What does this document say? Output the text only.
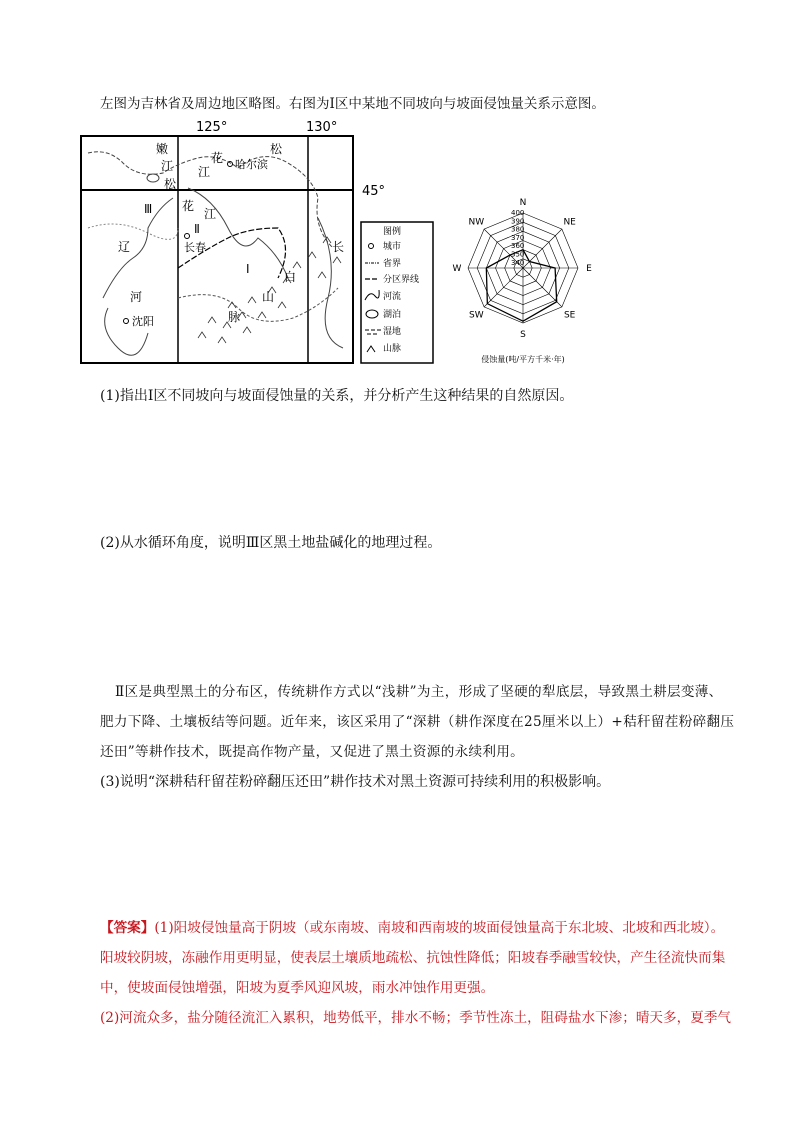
左图为吉林省及周边地区略图。右图为Ⅰ区中某地不同坡向与坡面侵蚀量关系示意图。
125°	130°
45°
嫩
江
松
花
江
哈尔滨
松
花
Ⅲ	江
Ⅱ
长春
辽
河
沈阳
Ⅰ
白
山
脉
长
图例
城市
省界
分区界线
河流
湖泊
湿地
山脉
N
NE
E
SE
S
SW
W
NW
400
390
380
370
360
350
340
侵蚀量(吨/平方千米·年)
(1)指出Ⅰ区不同坡向与坡面侵蚀量的关系，并分析产生这种结果的自然原因。
(2)从水循环角度，说明Ⅲ区黑土地盐碱化的地理过程。
Ⅱ区是典型黑土的分布区，传统耕作方式以“浅耕”为主，形成了坚硬的犁底层，导致黑土耕层变薄、
肥力下降、土壤板结等问题。近年来，该区采用了“深耕（耕作深度在25厘米以上）+秸秆留茬粉碎翻压
还田”等耕作技术，既提高作物产量，又促进了黑土资源的永续利用。
(3)说明“深耕秸秆留茬粉碎翻压还田”耕作技术对黑土资源可持续利用的积极影响。
【答案】(1)阳坡侵蚀量高于阴坡（或东南坡、南坡和西南坡的坡面侵蚀量高于东北坡、北坡和西北坡）。
阳坡较阴坡，冻融作用更明显，使表层土壤质地疏松、抗蚀性降低；阳坡春季融雪较快，产生径流快而集
中，使坡面侵蚀增强，阳坡为夏季风迎风坡，雨水冲蚀作用更强。
(2)河流众多，盐分随径流汇入累积，地势低平，排水不畅；季节性冻土，阻碍盐水下渗；晴天多，夏季气
